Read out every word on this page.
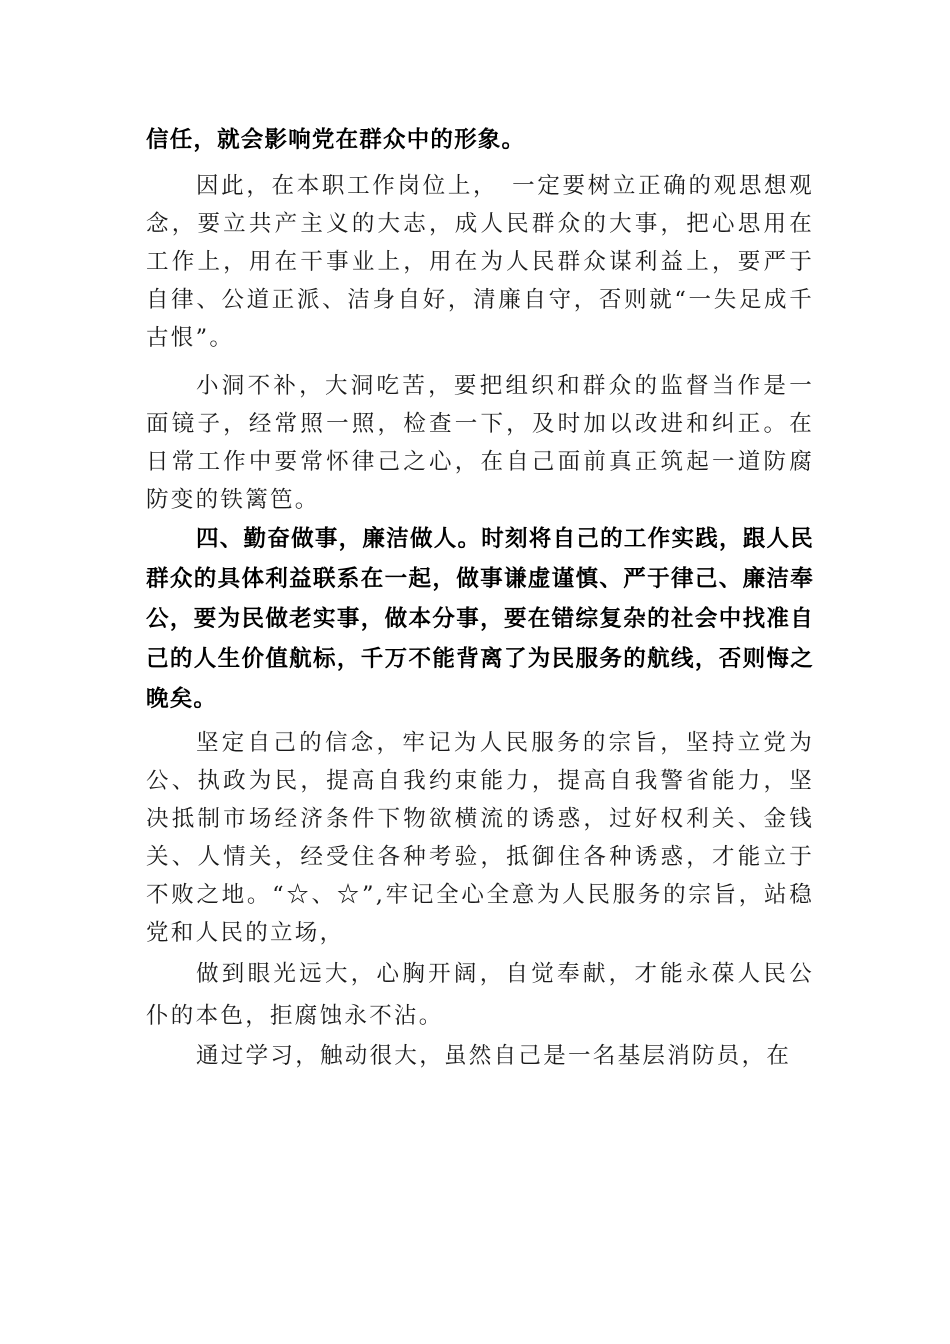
信任，就会影响党在群众中的形象。

因此，在本职工作岗位上，　一定要树立正确的观思想观念，要立共产主义的大志，成人民群众的大事，把心思用在工作上，用在干事业上，用在为人民群众谋利益上，要严于自律、公道正派、洁身自好，清廉自守，否则就“一失足成千古恨”。

小洞不补，大洞吃苦，要把组织和群众的监督当作是一面镜子，经常照一照，检查一下，及时加以改进和纠正。在日常工作中要常怀律己之心，在自己面前真正筑起一道防腐防变的铁篱笆。

四、勤奋做事，廉洁做人。时刻将自己的工作实践，跟人民群众的具体利益联系在一起，做事谦虚谨慎、严于律己、廉洁奉公，要为民做老实事，做本分事，要在错综复杂的社会中找准自己的人生价值航标，千万不能背离了为民服务的航线，否则悔之晚矣。

坚定自己的信念，牢记为人民服务的宗旨，坚持立党为公、执政为民，提高自我约束能力，提高自我警省能力，坚决抵制市场经济条件下物欲横流的诱惑，过好权利关、金钱关、人情关，经受住各种考验，抵御住各种诱惑，才能立于不败之地。“☆、☆”,牢记全心全意为人民服务的宗旨，站稳党和人民的立场，

做到眼光远大，心胸开阔，自觉奉献，才能永葆人民公仆的本色，拒腐蚀永不沾。

通过学习，触动很大，虽然自己是一名基层消防员，在
